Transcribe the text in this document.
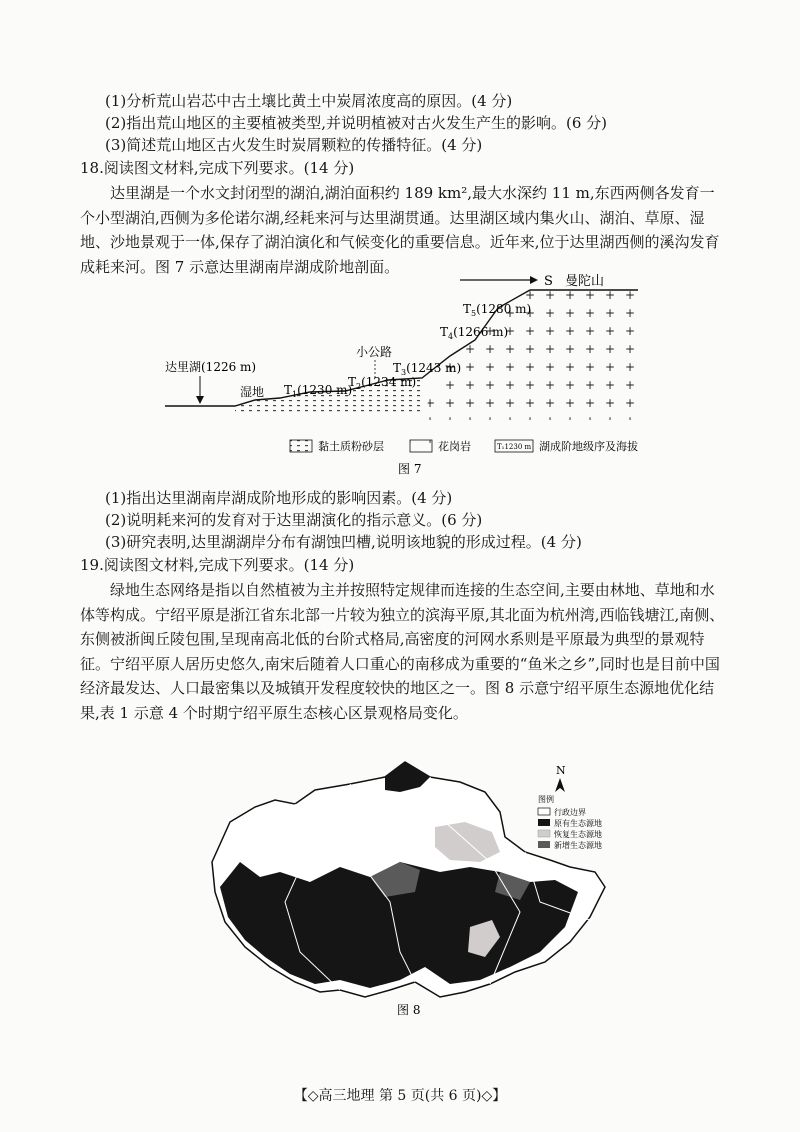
(1)分析荒山岩芯中古土壤比黄土中炭屑浓度高的原因。(4 分)
(2)指出荒山地区的主要植被类型,并说明植被对古火发生产生的影响。(6 分)
(3)简述荒山地区古火发生时炭屑颗粒的传播特征。(4 分)
18.阅读图文材料,完成下列要求。(14 分)
达里湖是一个水文封闭型的湖泊,湖泊面积约 189 km²,最大水深约 11 m,东西两侧各发育一个小型湖泊,西侧为多伦诺尔湖,经耗来河与达里湖贯通。达里湖区域内集火山、湖泊、草原、湿地、沙地景观于一体,保存了湖泊演化和气候变化的重要信息。近年来,位于达里湖西侧的溪沟发育成耗来河。图 7 示意达里湖南岸湖成阶地剖面。
S 曼陀山
达里湖(1226 m)
湿地
小公路
$T_1(1230$ m)
$T_2(1234$ m)
$T_3(1243$ m)
$T_4(1266$ m)
$T_5(1280$ m)
黏土质粉砂层	花岗岩	T₁1230 m 湖成阶地级序及海拔
图 7
(1)指出达里湖南岸湖成阶地形成的影响因素。(4 分)
(2)说明耗来河的发育对于达里湖演化的指示意义。(6 分)
(3)研究表明,达里湖湖岸分布有湖蚀凹槽,说明该地貌的形成过程。(4 分)
19.阅读图文材料,完成下列要求。(14 分)
绿地生态网络是指以自然植被为主并按照特定规律而连接的生态空间,主要由林地、草地和水体等构成。宁绍平原是浙江省东北部一片较为独立的滨海平原,其北面为杭州湾,西临钱塘江,南侧、东侧被浙闽丘陵包围,呈现南高北低的台阶式格局,高密度的河网水系则是平原最为典型的景观特征。宁绍平原人居历史悠久,南宋后随着人口重心的南移成为重要的“鱼米之乡”,同时也是目前中国经济最发达、人口最密集以及城镇开发程度较快的地区之一。图 8 示意宁绍平原生态源地优化结果,表 1 示意 4 个时期宁绍平原生态核心区景观格局变化。
N
图例
行政边界
原有生态源地
恢复生态源地
新增生态源地
图 8
【◇高三地理 第 5 页(共 6 页)◇】
